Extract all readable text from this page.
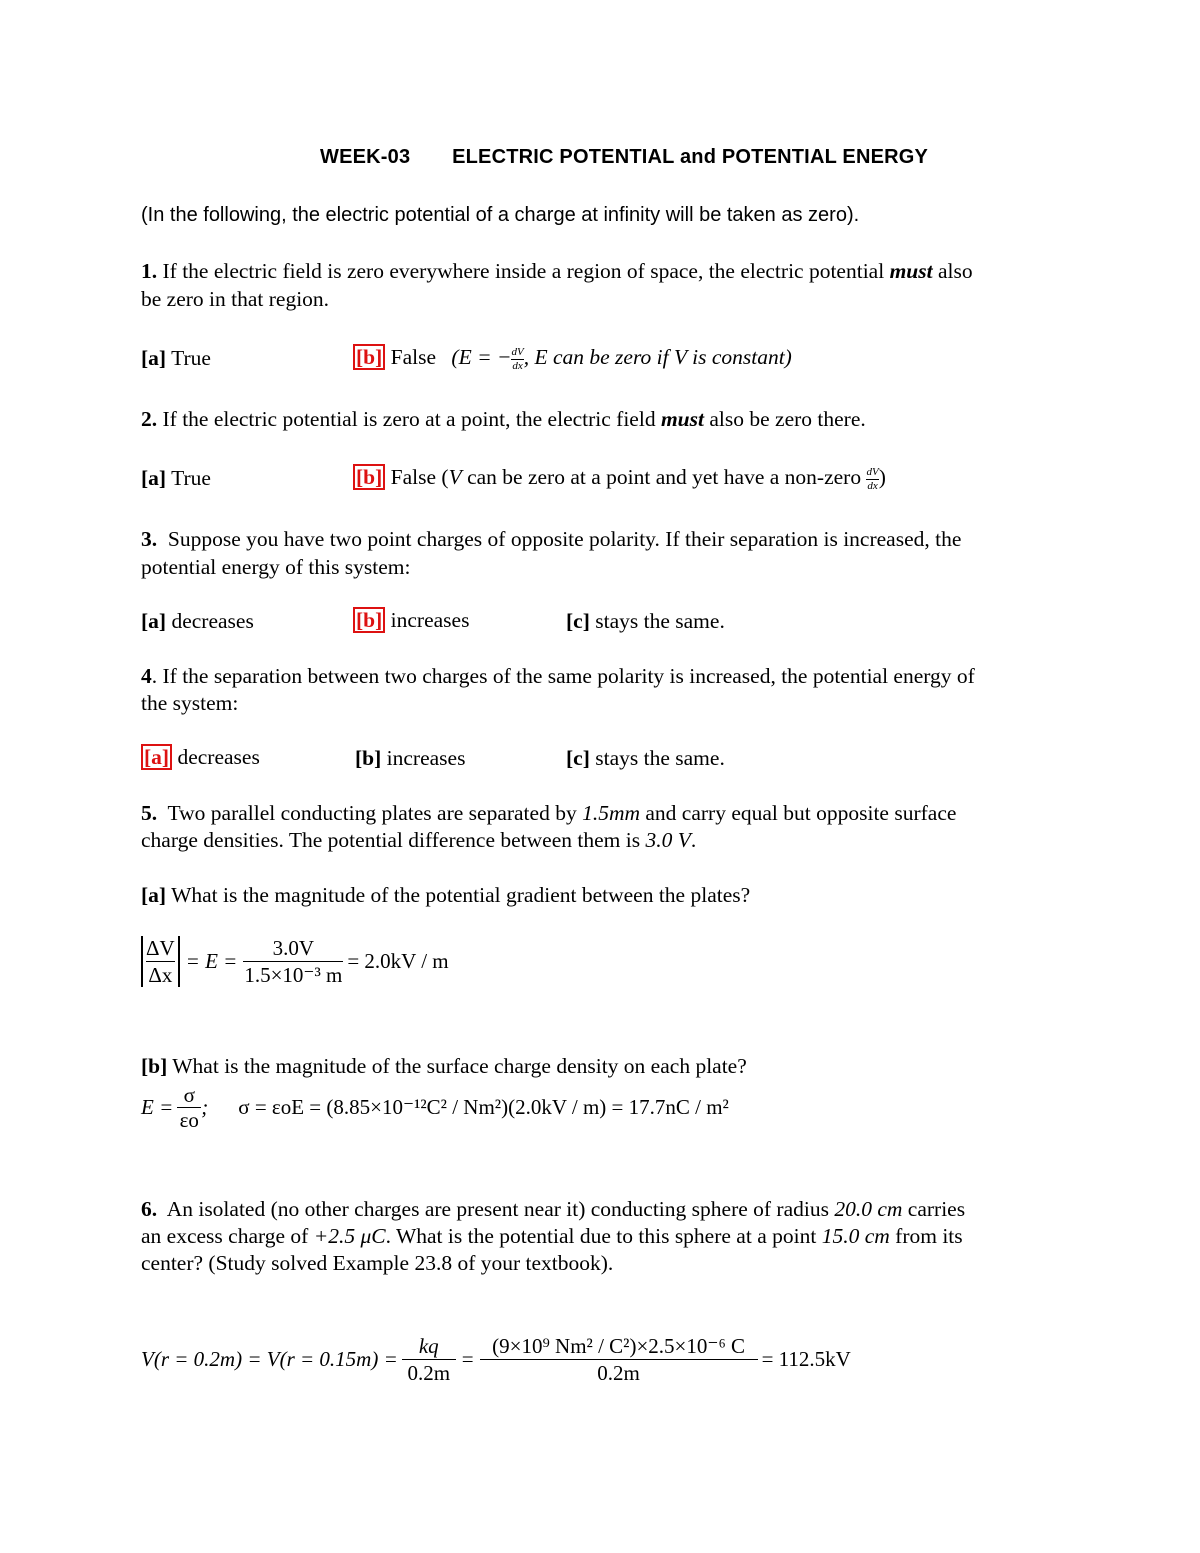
WEEK-03 ELECTRIC POTENTIAL and POTENTIAL ENERGY
(In the following, the electric potential of a charge at infinity will be taken as zero).
1. If the electric field is zero everywhere inside a region of space, the electric potential must also
be zero in that region.
[a] True	[b] False (E = − $\frac{dV}{dx}$ , E can be zero if V is constant)
2. If the electric potential is zero at a point, the electric field must also be zero there.
[a] True	[b] False (V can be zero at a point and yet have a non-zero $\frac{dV}{dx}$ )
3.  Suppose you have two point charges of opposite polarity. If their separation is increased, the
potential energy of this system:
[a] decreases	[b] increases	[c] stays the same.
4. If the separation between two charges of the same polarity is increased, the potential energy of
the system:
[a] decreases	[b] increases	[c] stays the same.
5.  Two parallel conducting plates are separated by 1.5mm and carry equal but opposite surface
charge densities. The potential difference between them is 3.0 V.
[a] What is the magnitude of the potential gradient between the plates?
$\frac{\Delta V}{\Delta x} = E = \frac{3.0V}{\text{1.5×10⁻³ m}} = 2.0kV / m$
[b] What is the magnitude of the surface charge density on each plate?
$E = \frac{\sigma}{\varepsilon o}$ ; σ = εoE = (8.85×10⁻¹²C² / Nm²)(2.0kV / m) = 17.7nC / m²
6.  An isolated (no other charges are present near it) conducting sphere of radius 20.0 cm carries
an excess charge of +2.5 μC. What is the potential due to this sphere at a point 15.0 cm from its
center? (Study solved Example 23.8 of your textbook).
$V(r = 0.2m) = V(r = 0.15m) = \frac{kq}{0.2m} = \frac{\text{(9×10⁹ Nm² / C²)×2.5×10⁻⁶ C}}{0.2m} = 112.5kV$
